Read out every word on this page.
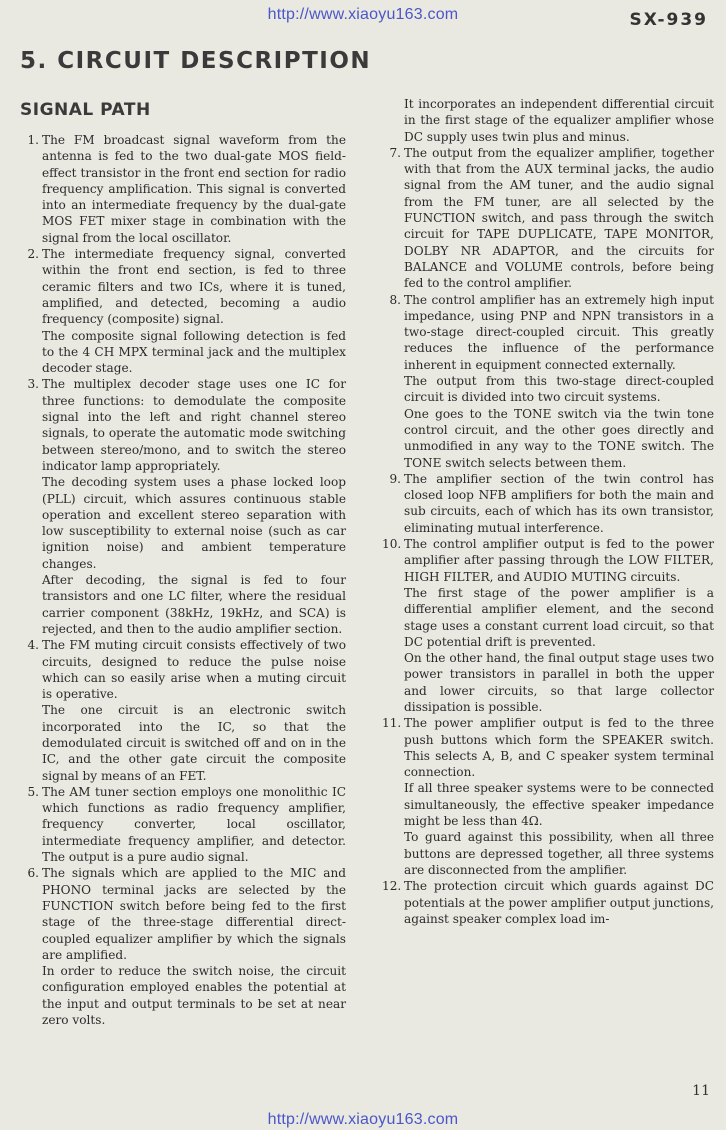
http://www.xiaoyu163.com	SX-939
5. CIRCUIT DESCRIPTION
SIGNAL PATH
1. The FM broadcast signal waveform from the antenna is fed to the two dual-gate MOS field-effect transistor in the front end section for radio frequency amplification. This signal is converted into an intermediate frequency by the dual-gate MOS FET mixer stage in combination with the signal from the local oscillator.

2. The intermediate frequency signal, converted within the front end section, is fed to three ceramic filters and two ICs, where it is tuned, amplified, and detected, becoming a audio frequency (composite) signal.

The composite signal following detection is fed to the 4 CH MPX terminal jack and the multiplex decoder stage.

3. The multiplex decoder stage uses one IC for three functions: to demodulate the composite signal into the left and right channel stereo signals, to operate the automatic mode switching between stereo/mono, and to switch the stereo indicator lamp appropriately.

The decoding system uses a phase locked loop (PLL) circuit, which assures continuous stable operation and excellent stereo separation with low susceptibility to external noise (such as car ignition noise) and ambient temperature changes.

After decoding, the signal is fed to four transistors and one LC filter, where the residual carrier component (38kHz, 19kHz, and SCA) is rejected, and then to the audio amplifier section.

4. The FM muting circuit consists effectively of two circuits, designed to reduce the pulse noise which can so easily arise when a muting circuit is operative.

The one circuit is an electronic switch incorporated into the IC, so that the demodulated circuit is switched off and on in the IC, and the other gate circuit the composite signal by means of an FET.

5. The AM tuner section employs one monolithic IC which functions as radio frequency amplifier, frequency converter, local oscillator, intermediate frequency amplifier, and detector. The output is a pure audio signal.

6. The signals which are applied to the MIC and PHONO terminal jacks are selected by the FUNCTION switch before being fed to the first stage of the three-stage differential direct-coupled equalizer amplifier by which the signals are amplified.

In order to reduce the switch noise, the circuit configuration employed enables the potential at the input and output terminals to be set at near zero volts.

It incorporates an independent differential circuit in the first stage of the equalizer amplifier whose DC supply uses twin plus and minus.

7. The output from the equalizer amplifier, together with that from the AUX terminal jacks, the audio signal from the AM tuner, and the audio signal from the FM tuner, are all selected by the FUNCTION switch, and pass through the switch circuit for TAPE DUPLICATE, TAPE MONITOR, DOLBY NR ADAPTOR, and the circuits for BALANCE and VOLUME controls, before being fed to the control amplifier.

8. The control amplifier has an extremely high input impedance, using PNP and NPN transistors in a two-stage direct-coupled circuit. This greatly reduces the influence of the performance inherent in equipment connected externally.

The output from this two-stage direct-coupled circuit is divided into two circuit systems.

One goes to the TONE switch via the twin tone control circuit, and the other goes directly and unmodified in any way to the TONE switch. The TONE switch selects between them.

9. The amplifier section of the twin control has closed loop NFB amplifiers for both the main and sub circuits, each of which has its own transistor, eliminating mutual interference.

10. The control amplifier output is fed to the power amplifier after passing through the LOW FILTER, HIGH FILTER, and AUDIO MUTING circuits.

The first stage of the power amplifier is a differential amplifier element, and the second stage uses a constant current load circuit, so that DC potential drift is prevented.

On the other hand, the final output stage uses two power transistors in parallel in both the upper and lower circuits, so that large collector dissipation is possible.

11. The power amplifier output is fed to the three push buttons which form the SPEAKER switch. This selects A, B, and C speaker system terminal connection.

If all three speaker systems were to be connected simultaneously, the effective speaker impedance might be less than 4Ω.

To guard against this possibility, when all three buttons are depressed together, all three systems are disconnected from the amplifier.

12. The protection circuit which guards against DC potentials at the power amplifier output junctions, against speaker complex load im-

11
http://www.xiaoyu163.com
